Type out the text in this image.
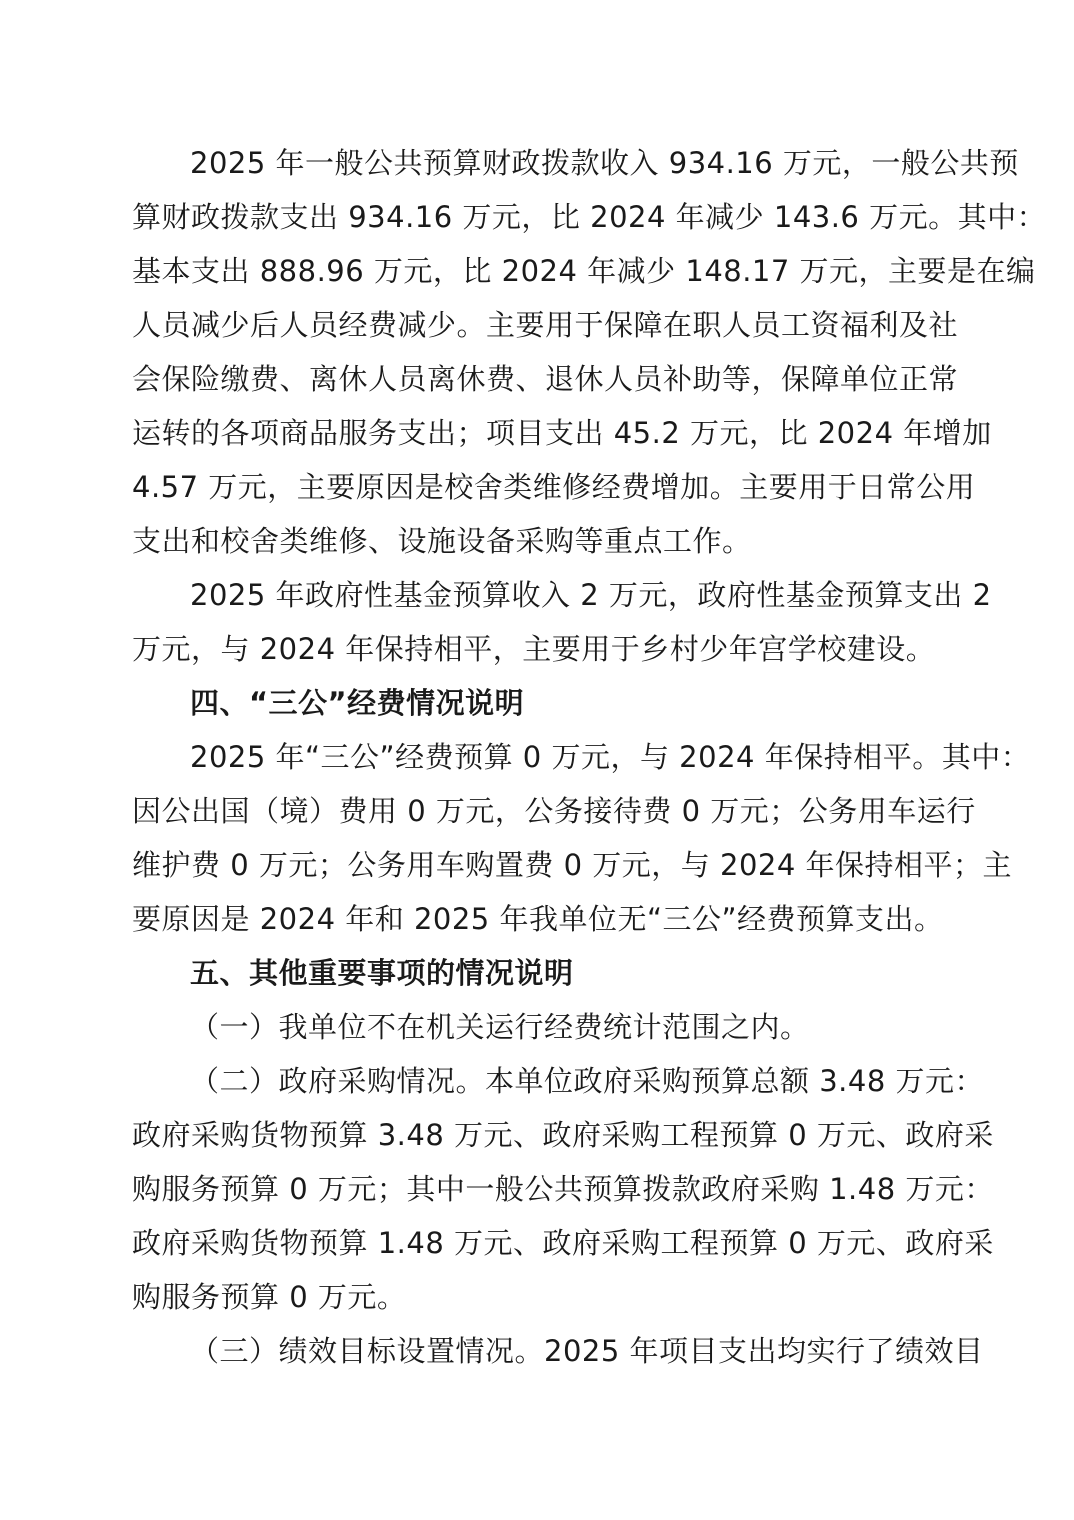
2025 年一般公共预算财政拨款收入 934.16 万元，一般公共预
算财政拨款支出 934.16 万元，比 2024 年减少 143.6 万元。其中：
基本支出 888.96 万元，比 2024 年减少 148.17 万元，主要是在编
人员减少后人员经费减少。主要用于保障在职人员工资福利及社
会保险缴费、离休人员离休费、退休人员补助等，保障单位正常
运转的各项商品服务支出；项目支出 45.2 万元，比 2024 年增加
4.57 万元，主要原因是校舍类维修经费增加。主要用于日常公用
支出和校舍类维修、设施设备采购等重点工作。
2025 年政府性基金预算收入 2 万元，政府性基金预算支出 2
万元，与 2024 年保持相平，主要用于乡村少年宫学校建设。
四、“三公”经费情况说明
2025 年“三公”经费预算 0 万元，与 2024 年保持相平。其中：
因公出国（境）费用 0 万元，公务接待费 0 万元；公务用车运行
维护费 0 万元；公务用车购置费 0 万元，与 2024 年保持相平；主
要原因是 2024 年和 2025 年我单位无“三公”经费预算支出。
五、其他重要事项的情况说明
（一）我单位不在机关运行经费统计范围之内。
（二）政府采购情况。本单位政府采购预算总额 3.48 万元：
政府采购货物预算 3.48 万元、政府采购工程预算 0 万元、政府采
购服务预算 0 万元；其中一般公共预算拨款政府采购 1.48 万元：
政府采购货物预算 1.48 万元、政府采购工程预算 0 万元、政府采
购服务预算 0 万元。
（三）绩效目标设置情况。2025 年项目支出均实行了绩效目
